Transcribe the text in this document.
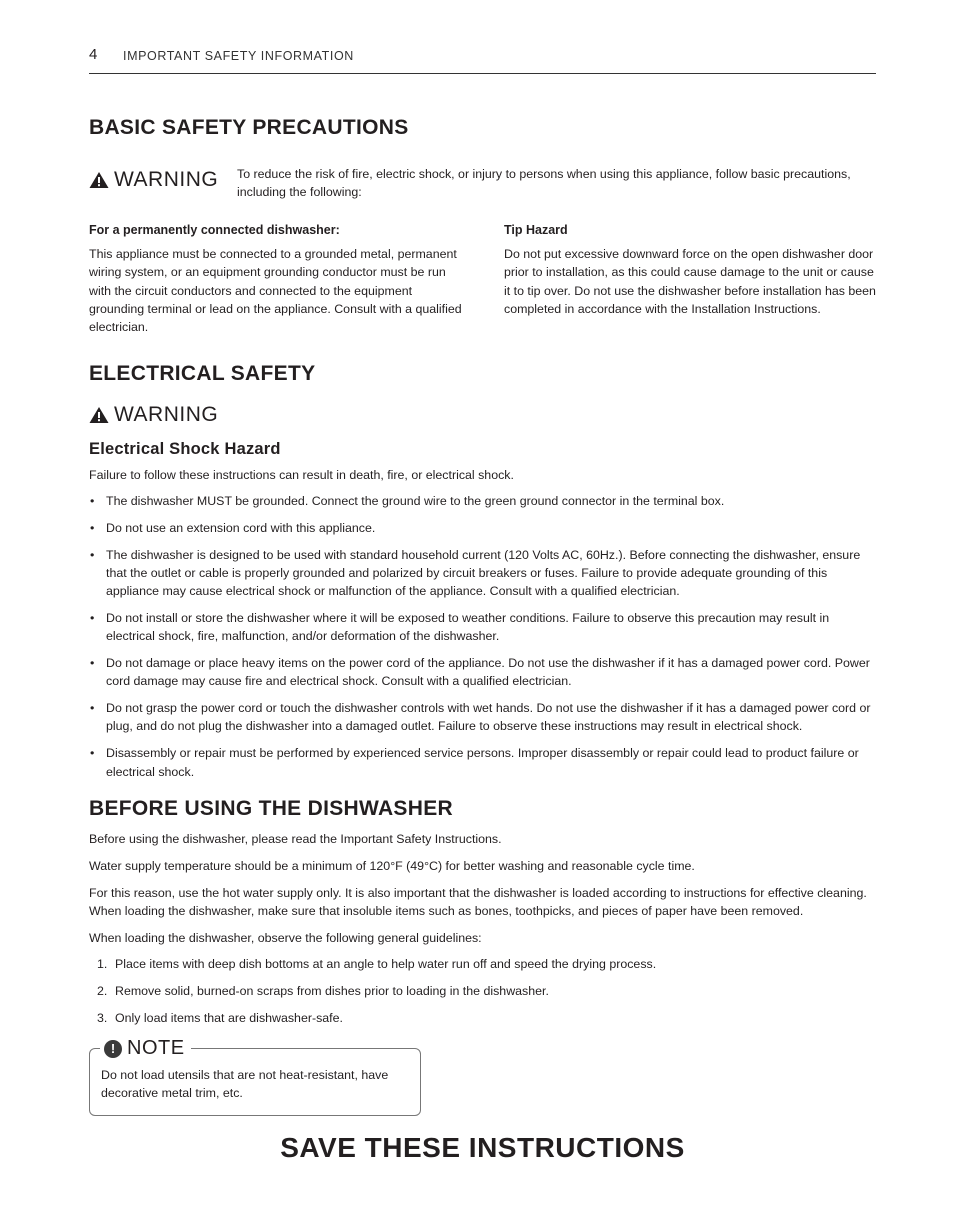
4 IMPORTANT SAFETY INFORMATION
BASIC SAFETY PRECAUTIONS
WARNING To reduce the risk of fire, electric shock, or injury to persons when using this appliance, follow basic precautions, including the following:

For a permanently connected dishwasher:

This appliance must be connected to a grounded metal, permanent wiring system, or an equipment grounding conductor must be run with the circuit conductors and connected to the equipment grounding terminal or lead on the appliance. Consult with a qualified electrician.

Tip Hazard

Do not put excessive downward force on the open dishwasher door prior to installation, as this could cause damage to the unit or cause it to tip over. Do not use the dishwasher before installation has been completed in accordance with the Installation Instructions.

ELECTRICAL SAFETY
WARNING
Electrical Shock Hazard

Failure to follow these instructions can result in death, fire, or electrical shock.

• The dishwasher MUST be grounded. Connect the ground wire to the green ground connector in the terminal box.
• Do not use an extension cord with this appliance.
• The dishwasher is designed to be used with standard household current (120 Volts AC, 60Hz.). Before connecting the dishwasher, ensure that the outlet or cable is properly grounded and polarized by circuit breakers or fuses. Failure to provide adequate grounding of this appliance may cause electrical shock or malfunction of the appliance. Consult with a qualified electrician.
• Do not install or store the dishwasher where it will be exposed to weather conditions. Failure to observe this precaution may result in electrical shock, fire, malfunction, and/or deformation of the dishwasher.
• Do not damage or place heavy items on the power cord of the appliance. Do not use the dishwasher if it has a damaged power cord. Power cord damage may cause fire and electrical shock. Consult with a qualified electrician.
• Do not grasp the power cord or touch the dishwasher controls with wet hands. Do not use the dishwasher if it has a damaged power cord or plug, and do not plug the dishwasher into a damaged outlet. Failure to observe these instructions may result in electrical shock.
• Disassembly or repair must be performed by experienced service persons. Improper disassembly or repair could lead to product failure or electrical shock.
BEFORE USING THE DISHWASHER

Before using the dishwasher, please read the Important Safety Instructions.

Water supply temperature should be a minimum of 120°F (49°C) for better washing and reasonable cycle time.

For this reason, use the hot water supply only. It is also important that the dishwasher is loaded according to instructions for effective cleaning. When loading the dishwasher, make sure that insoluble items such as bones, toothpicks, and pieces of paper have been removed.

When loading the dishwasher, observe the following general guidelines:

1. Place items with deep dish bottoms at an angle to help water run off and speed the drying process.
2. Remove solid, burned-on scraps from dishes prior to loading in the dishwasher.
3. Only load items that are dishwasher-safe.
! NOTE
Do not load utensils that are not heat-resistant, have decorative metal trim, etc.
SAVE THESE INSTRUCTIONS
